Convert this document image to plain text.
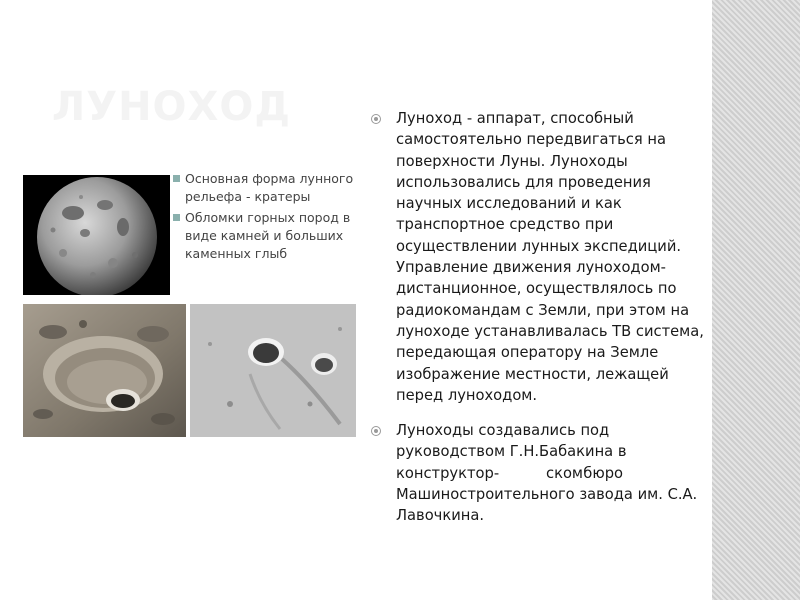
ЛУНОХОД
Основная форма лунного рельефа - кратеры
Обломки горных пород в виде камней и больших каменных глыб

Луноход - аппарат, способный самостоятельно передвигаться на поверхности Луны. Луноходы использовались для проведения научных исследований и как транспортное средство при осуществлении лунных экспедиций. Управление движения луноходом-дистанционное, осуществлялось по радиокомандам с Земли, при этом на луноходе устанавливалась ТВ система, передающая оператору на Земле изображение местности, лежащей перед луноходом.

Луноходы создавались под
руководством Г.Н.Бабакина в
конструктор-	скомбюро
Машиностроительного завода им. С.А.
Лавочкина.
